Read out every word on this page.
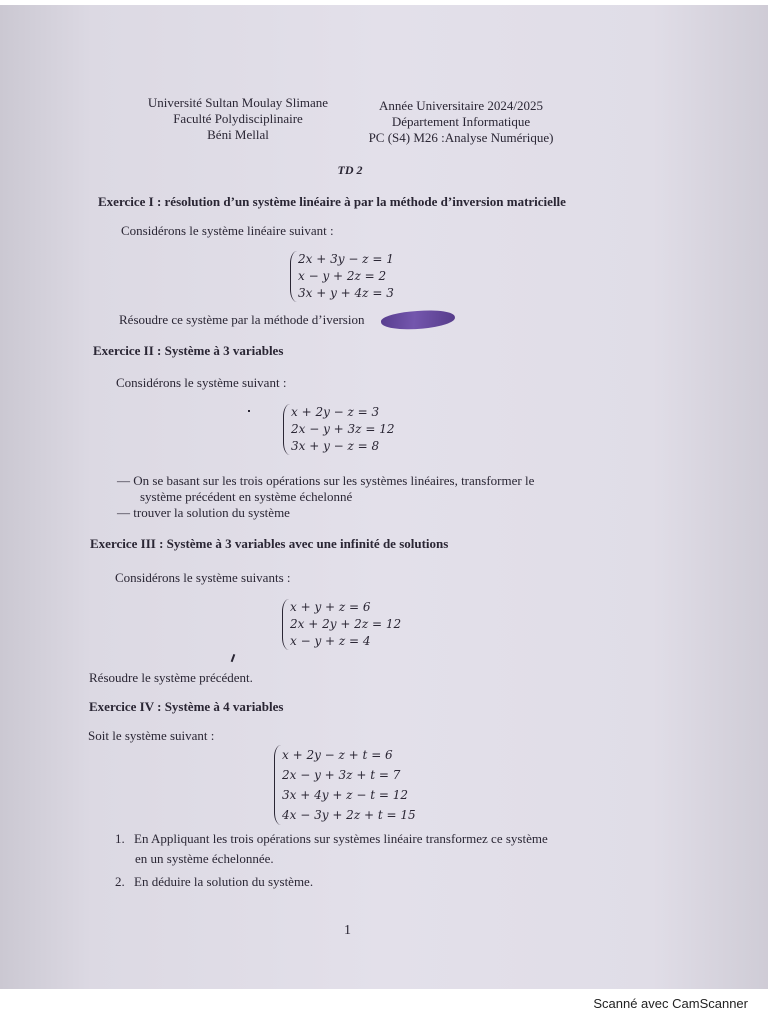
Université Sultan Moulay Slimane
Faculté Polydisciplinaire
Béni Mellal
Année Universitaire 2024/2025
Département Informatique
PC (S4) M26 :Analyse Numérique)
TD 2
Exercice I : résolution d’un système linéaire à par la méthode d’inversion matricielle
Considérons le système linéaire suivant :
2x + 3y − z = 1
x − y + 2z = 2
3x + y + 4z = 3
Résoudre ce système par la méthode d’iversion
Exercice II : Système à 3 variables
Considérons le système suivant :
x + 2y − z = 3
2x − y + 3z = 12
3x + y − z = 8
— On se basant sur les trois opérations sur les systèmes linéaires, transformer le
système précédent en système échelonné
— trouver la solution du système
Exercice III : Système à 3 variables avec une infinité de solutions
Considérons le système suivants :
x + y + z = 6
2x + 2y + 2z = 12
x − y + z = 4
Résoudre le système précédent.
Exercice IV : Système à 4 variables
Soit le système suivant :
x + 2y − z + t = 6
2x − y + 3z + t = 7
3x + 4y + z − t = 12
4x − 3y + 2z + t = 15
1. En Appliquant les trois opérations sur systèmes linéaire transformez ce système
en un système échelonnée.
2. En déduire la solution du système.
1
Scanné avec CamScanner
